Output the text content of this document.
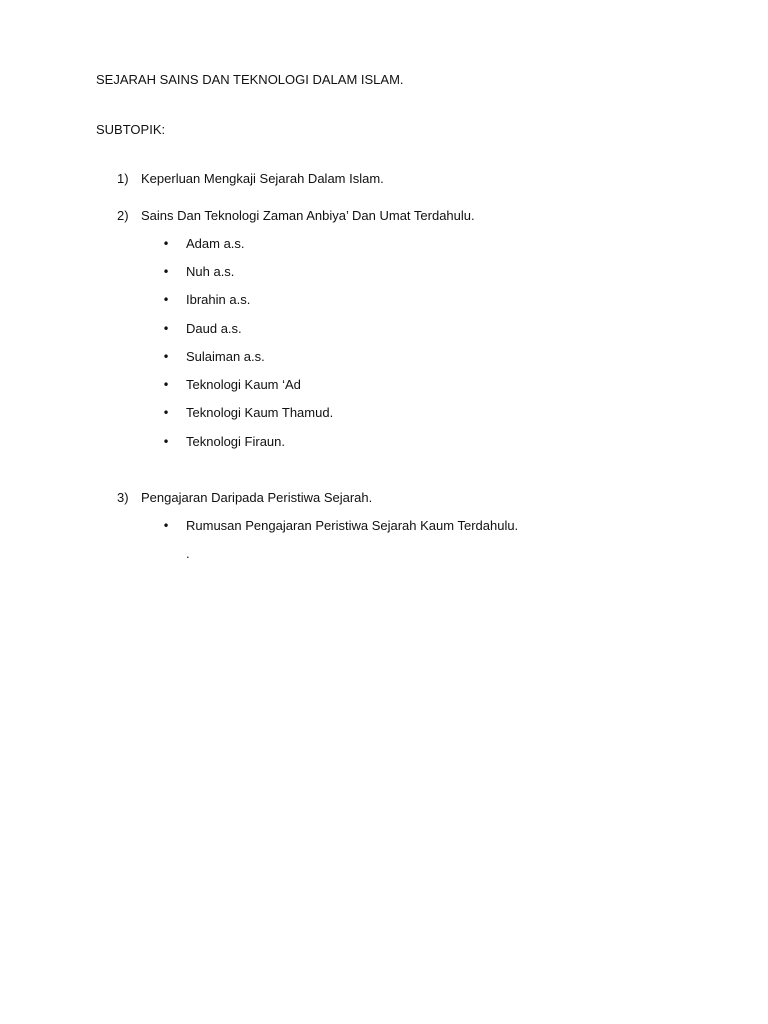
SEJARAH SAINS DAN TEKNOLOGI DALAM ISLAM.
SUBTOPIK:
1) Keperluan Mengkaji Sejarah Dalam Islam.
2) Sains Dan Teknologi Zaman Anbiya’ Dan Umat Terdahulu.
• Adam a.s.
• Nuh a.s.
• Ibrahin a.s.
• Daud a.s.
• Sulaiman a.s.
• Teknologi Kaum ‘Ad
• Teknologi Kaum Thamud.
• Teknologi Firaun.
3) Pengajaran Daripada Peristiwa Sejarah.
• Rumusan Pengajaran Peristiwa Sejarah Kaum Terdahulu.
.
